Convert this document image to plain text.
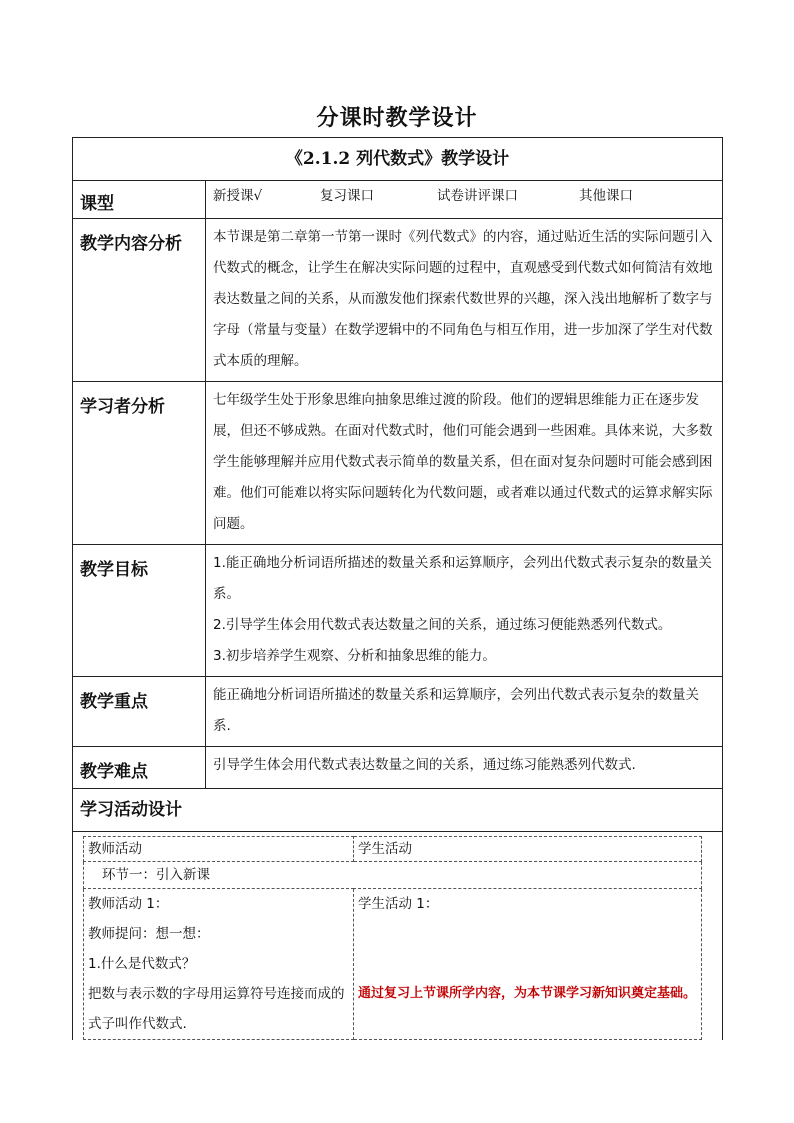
分课时教学设计
《2.1.2 列代数式》教学设计
课型	新授课√	复习课口	试卷讲评课口	其他课口

教学内容分析	本节课是第二章第一节第一课时《列代数式》的内容，通过贴近生活的实际问题引入代数式的概念，让学生在解决实际问题的过程中，直观感受到代数式如何简洁有效地表达数量之间的关系，从而激发他们探索代数世界的兴趣，深入浅出地解析了数字与字母（常量与变量）在数学逻辑中的不同角色与相互作用，进一步加深了学生对代数式本质的理解。
学习者分析	七年级学生处于形象思维向抽象思维过渡的阶段。他们的逻辑思维能力正在逐步发展，但还不够成熟。在面对代数式时，他们可能会遇到一些困难。具体来说，大多数学生能够理解并应用代数式表示简单的数量关系，但在面对复杂问题时可能会感到困难。他们可能难以将实际问题转化为代数问题，或者难以通过代数式的运算求解实际问题。
教学目标	1.能正确地分析词语所描述的数量关系和运算顺序，会列出代数式表示复杂的数量关系。
2.引导学生体会用代数式表达数量之间的关系，通过练习便能熟悉列代数式。
3.初步培养学生观察、分析和抽象思维的能力。

教学重点	能正确地分析词语所描述的数量关系和运算顺序，会列出代数式表示复杂的数量关系.
教学难点	引导学生体会用代数式表达数量之间的关系，通过练习能熟悉列代数式.
学习活动设计

教师活动	学生活动
环节一：引入新课

教师活动 1：
教师提问：想一想：
1.什么是代数式？
把数与表示数的字母用运算符号连接而成的式子叫作代数式.

学生活动 1：
通过复习上节课所学内容，为本节课学习新知识奠定基础。
